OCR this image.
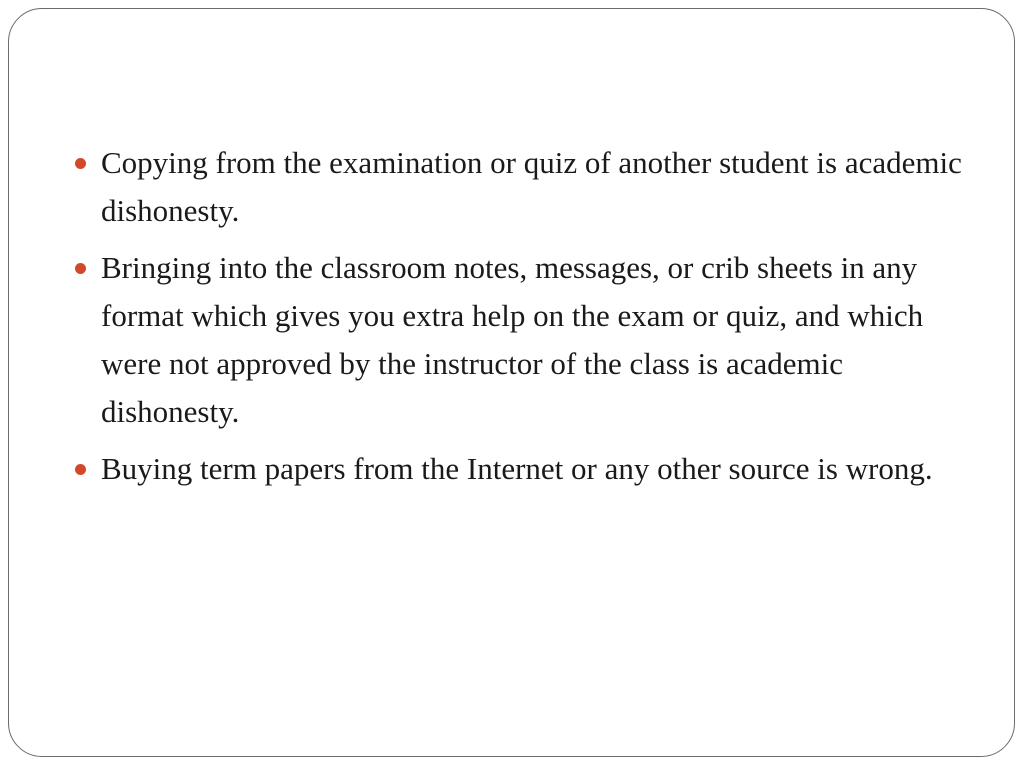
Copying from the examination or quiz of another student is academic dishonesty.
Bringing into the classroom notes, messages, or crib sheets in any format which gives you extra help on the exam or quiz, and which were not approved by the instructor of the class is academic dishonesty.
Buying term papers from the Internet or any other source is wrong.
